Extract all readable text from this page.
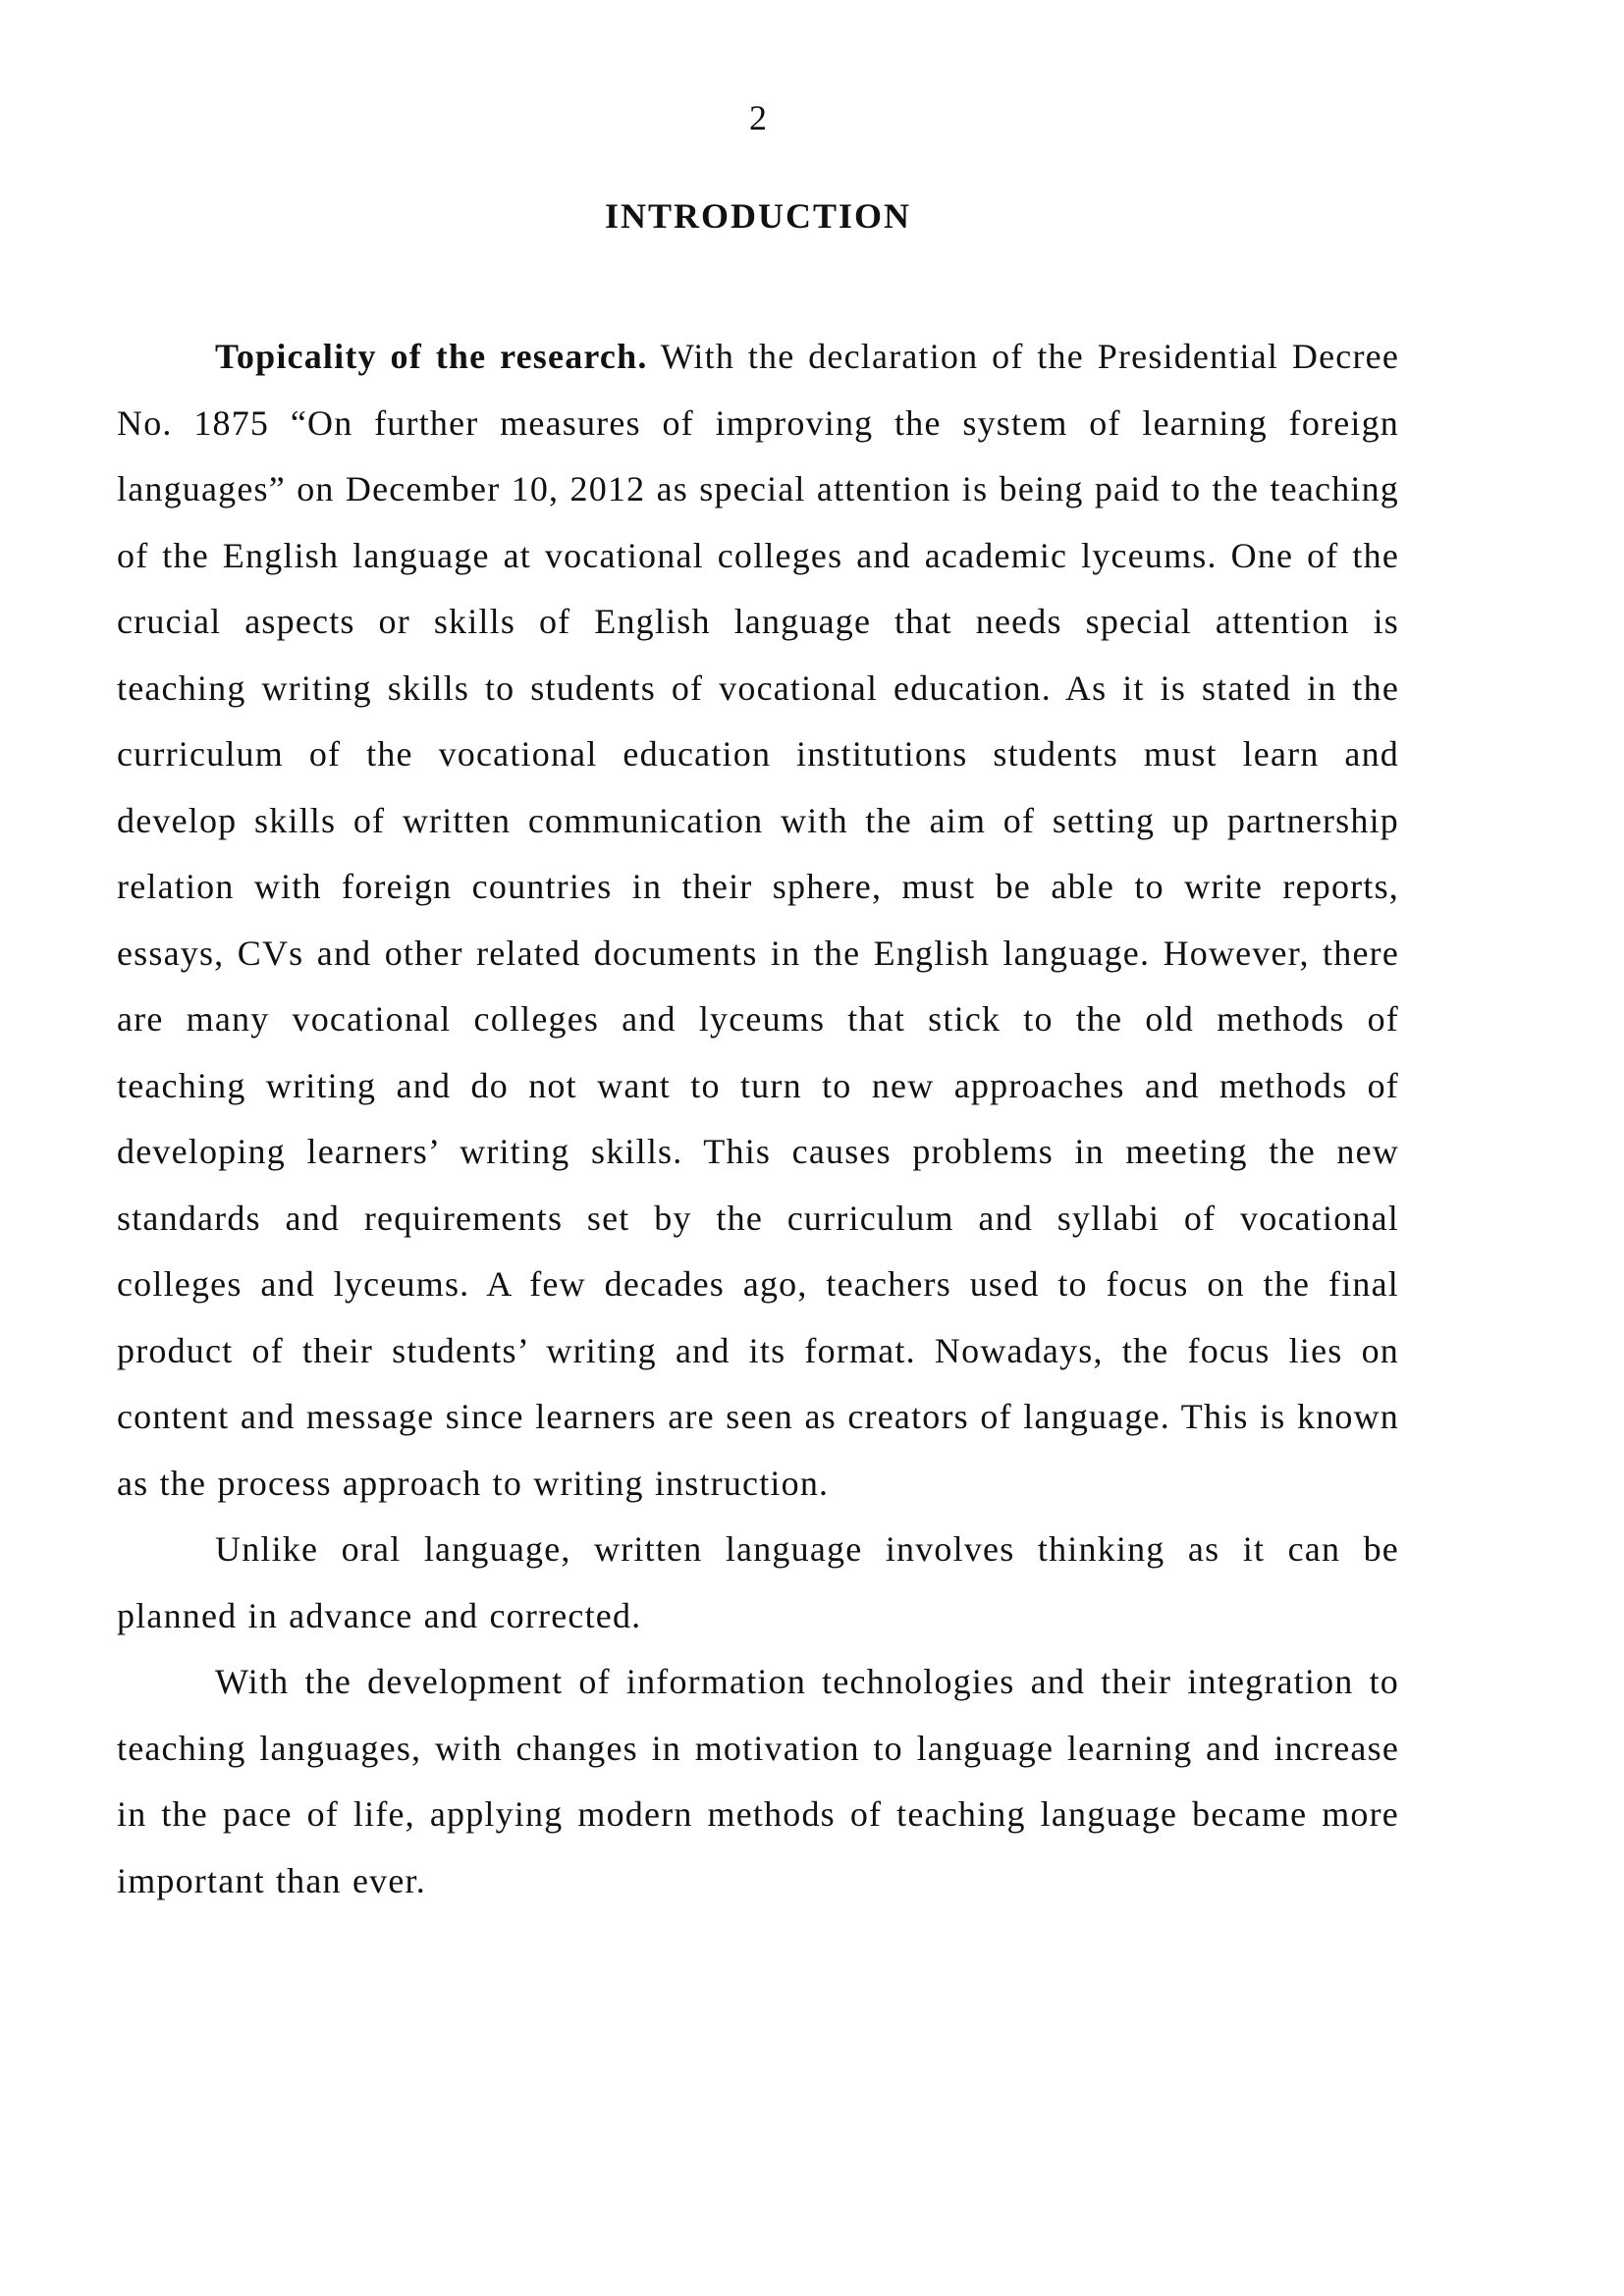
2
INTRODUCTION

Topicality of the research. With the declaration of the Presidential Decree No. 1875 “On further measures of improving the system of learning foreign languages” on December 10, 2012 as special attention is being paid to the teaching of the English language at vocational colleges and academic lyceums. One of the crucial aspects or skills of English language that needs special attention is teaching writing skills to students of vocational education. As it is stated in the curriculum of the vocational education institutions students must learn and develop skills of written communication with the aim of setting up partnership relation with foreign countries in their sphere, must be able to write reports, essays, CVs and other related documents in the English language. However, there are many vocational colleges and lyceums that stick to the old methods of teaching writing and do not want to turn to new approaches and methods of developing learners’ writing skills. This causes problems in meeting the new standards and requirements set by the curriculum and syllabi of vocational colleges and lyceums. A few decades ago, teachers used to focus on the final product of their students’ writing and its format. Nowadays, the focus lies on content and message since learners are seen as creators of language. This is known as the process approach to writing instruction.

Unlike oral language, written language involves thinking as it can be planned in advance and corrected.

With the development of information technologies and their integration to teaching languages, with changes in motivation to language learning and increase in the pace of life, applying modern methods of teaching language became more important than ever.
